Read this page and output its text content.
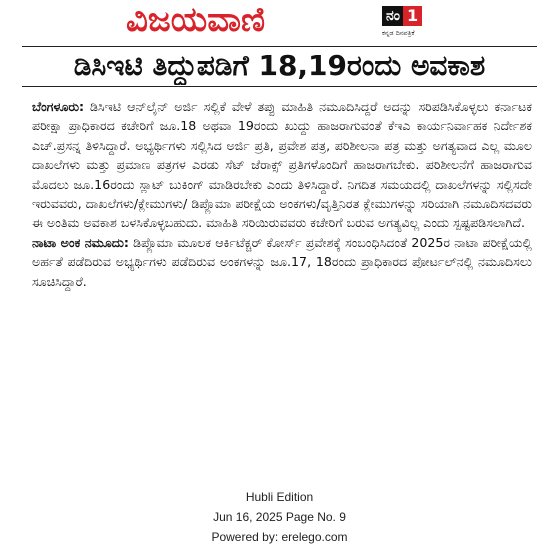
ವಿಜಯವಾಣಿ	ನಂ 1
ಕನ್ನಡ ದಿನಪತ್ರಿಕೆ
ಡಿಸಿಇಟಿ ತಿದ್ದುಪಡಿಗೆ 18,19ರಂದು ಅವಕಾಶ

ಬೆಂಗಳೂರು: ಡಿಸಿಇಟಿ ಆನ್‌ಲೈನ್ ಅರ್ಜಿ ಸಲ್ಲಿಕೆ ವೇಳೆ ತಪ್ಪು ಮಾಹಿತಿ ನಮೂದಿಸಿದ್ದರೆ ಅದನ್ನು ಸರಿಪಡಿಸಿಕೊಳ್ಳಲು ಕರ್ನಾಟಕ ಪರೀಕ್ಷಾ ಪ್ರಾಧಿಕಾರದ ಕಚೇರಿಗೆ ಜೂ.18 ಅಥವಾ 19ರಂದು ಖುದ್ದು ಹಾಜರಾಗುವಂತೆ ಕೆಇಎ ಕಾರ್ಯನಿರ್ವಾಹಕ ನಿರ್ದೇಶಕ ಎಚ್.ಪ್ರಸನ್ನ ತಿಳಿಸಿದ್ದಾರೆ. ಅಭ್ಯರ್ಥಿಗಳು ಸಲ್ಲಿಸಿದ ಅರ್ಜಿ ಪ್ರತಿ, ಪ್ರವೇಶ ಪತ್ರ, ಪರಿಶೀಲನಾ ಪತ್ರ ಮತ್ತು ಅಗತ್ಯವಾದ ಎಲ್ಲ ಮೂಲ ದಾಖಲೆಗಳು ಮತ್ತು ಪ್ರಮಾಣ ಪತ್ರಗಳ ಎರಡು ಸೆಟ್ ಜೆರಾಕ್ಸ್ ಪ್ರತಿಗಳೊಂದಿಗೆ ಹಾಜರಾಗಬೇಕು. ಪರಿಶೀಲನೆಗೆ ಹಾಜರಾಗುವ ಮೊದಲು ಜೂ.16ರಂದು ಸ್ಲಾಟ್ ಬುಕಿಂಗ್ ಮಾಡಿರಬೇಕು ಎಂದು ತಿಳಿಸಿದ್ದಾರೆ. ನಿಗದಿತ ಸಮಯದಲ್ಲಿ ದಾಖಲೆಗಳನ್ನು ಸಲ್ಲಿಸದೇ ಇರುವವರು, ದಾಖಲೆಗಳು/ಕ್ಲೇಮುಗಳು/ ಡಿಪ್ಲೊಮಾ ಪರೀಕ್ಷೆಯ ಅಂಕಗಳು/ವೃತ್ತಿನಿರತ ಕ್ಲೇಮುಗಳನ್ನು ಸರಿಯಾಗಿ ನಮೂದಿಸದವರು ಈ ಅಂತಿಮ ಅವಕಾಶ ಬಳಸಿಕೊಳ್ಳಬಹುದು. ಮಾಹಿತಿ ಸರಿಯಿರುವವರು ಕಚೇರಿಗೆ ಬರುವ ಅಗತ್ಯವಿಲ್ಲ ಎಂದು ಸ್ಪಷ್ಟಪಡಿಸಲಾಗಿದೆ.

ನಾಟಾ ಅಂಕ ನಮೂದು: ಡಿಪ್ಲೊಮಾ ಮೂಲಕ ಆರ್ಕಿಟೆಕ್ಚರ್ ಕೋರ್ಸ್ ಪ್ರವೇಶಕ್ಕೆ ಸಂಬಂಧಿಸಿದಂತೆ 2025ರ ನಾಟಾ ಪರೀಕ್ಷೆಯಲ್ಲಿ ಅರ್ಹತೆ ಪಡೆದಿರುವ ಅಭ್ಯರ್ಥಿಗಳು ಪಡೆದಿರುವ ಅಂಕಗಳನ್ನು ಜೂ.17, 18ರಂದು ಪ್ರಾಧಿಕಾರದ ಪೋರ್ಟಲ್‌ನಲ್ಲಿ ನಮೂದಿಸಲು ಸೂಚಿಸಿದ್ದಾರೆ.

Hubli Edition
Jun 16, 2025 Page No. 9
Powered by: erelego.com
